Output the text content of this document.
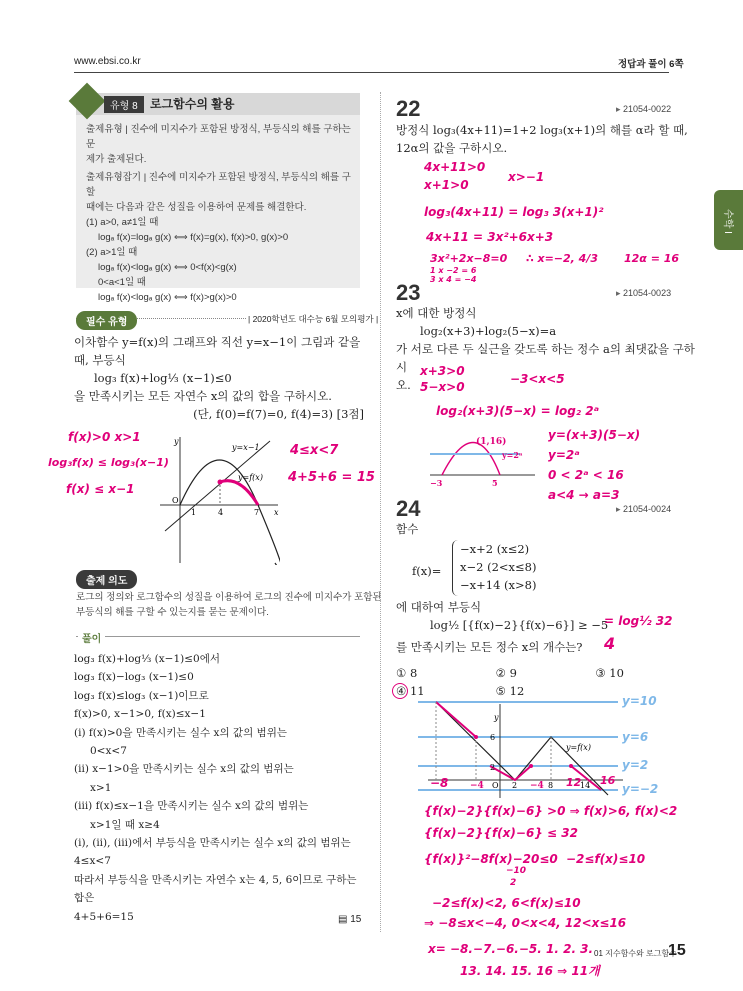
www.ebsi.co.kr	정답과 풀이 6쪽
수학 I
유형 8	로그함수의 활용
출제유형 | 진수에 미지수가 포함된 방정식, 부등식의 해를 구하는 문
제가 출제된다.
출제유형잡기 | 진수에 미지수가 포함된 방정식, 부등식의 해를 구할
때에는 다음과 같은 성질을 이용하여 문제를 해결한다.
(1) a>0, a≠1일 때
logₐ f(x)=logₐ g(x) ⟺ f(x)=g(x), f(x)>0, g(x)>0
(2) a>1일 때
logₐ f(x)<logₐ g(x) ⟺ 0<f(x)<g(x)
0<a<1일 때
logₐ f(x)<logₐ g(x) ⟺ f(x)>g(x)>0
필수 유형	| 2020학년도 대수능 6월 모의평가 |
이차함수 y=f(x)의 그래프와 직선 y=x−1이 그림과 같을
때, 부등식
log₃ f(x)+log⅓ (x−1)≤0
을 만족시키는 모든 자연수 x의 값의 합을 구하시오.
(단, f(0)=f(7)=0, f(4)=3) [3점]
y
x
O
1	4	7
y=x−1
y=f(x)
f(x)>0 x>1
log₃f(x) ≤ log₃(x−1)
f(x) ≤ x−1
4≤x<7
4+5+6 = 15
출제 의도
로그의 정의와 로그함수의 성질을 이용하여 로그의 진수에 미지수가 포함된
부등식의 해를 구할 수 있는지를 묻는 문제이다.
풀이
log₃ f(x)+log⅓ (x−1)≤0에서
log₃ f(x)−log₃ (x−1)≤0
log₃ f(x)≤log₃ (x−1)이므로
f(x)>0, x−1>0, f(x)≤x−1
(i) f(x)>0을 만족시키는 실수 x의 값의 범위는
0<x<7
(ii) x−1>0을 만족시키는 실수 x의 값의 범위는
x>1
(iii) f(x)≤x−1을 만족시키는 실수 x의 값의 범위는
x>1일 때 x≥4
(i), (ii), (iii)에서 부등식을 만족시키는 실수 x의 값의 범위는
4≤x<7
따라서 부등식을 만족시키는 자연수 x는 4, 5, 6이므로 구하는 합은
4+5+6=15	▤ 15
22	▸ 21054-0022
방정식 log₃(4x+11)=1+2 log₃(x+1)의 해를 α라 할 때,
12α의 값을 구하시오.
4x+11>0
x+1>0
x>−1
log₃(4x+11) = log₃ 3(x+1)²
4x+11 = 3x²+6x+3
3x²+2x−8=0 ∴ x=−2, 4/3 12α = 16
1 x −2 = 6
3 x 4 = −4
23	▸ 21054-0023
x에 대한 방정식
log₂(x+3)+log₂(5−x)=a
가 서로 다른 두 실근을 갖도록 하는 정수 a의 최댓값을 구하시
오.
x+3>0
5−x>0
−3<x<5
log₂(x+3)(5−x) = log₂ 2ᵃ
y=(x+3)(5−x)
y=2ᵃ
0 < 2ᵃ < 16
a<4 → a=3
(1,16)
y=2ᵃ
−3	5
24	▸ 21054-0024
함수
f(x)=
−x+2 (x≤2)
x−2 (2<x≤8)
−x+14 (x>8)
에 대하여 부등식
log½ [{f(x)−2}{f(x)−6}] ≥ −5
= log½ 32
를 만족시키는 모든 정수 x의 개수는? 4
① 8	② 9	③ 10
④ 11	⑤ 12
y
6
2
O 2	8	14
y=f(x)
−4
−4
y=10
y=6
y=2
y=−2
−8	16
12
{f(x)−2}{f(x)−6} >0 ⇒ f(x)>6, f(x)<2
{f(x)−2}{f(x)−6} ≤ 32
{f(x)}²−8f(x)−20≤0 −2≤f(x)≤10
−10
2
−2≤f(x)<2, 6<f(x)≤10
⇒ −8≤x<−4, 0<x<4, 12<x≤16
x= −8.−7.−6.−5. 1. 2. 3.
13. 14. 15. 16 ⇒ 11개
01 지수함수와 로그함수
15
